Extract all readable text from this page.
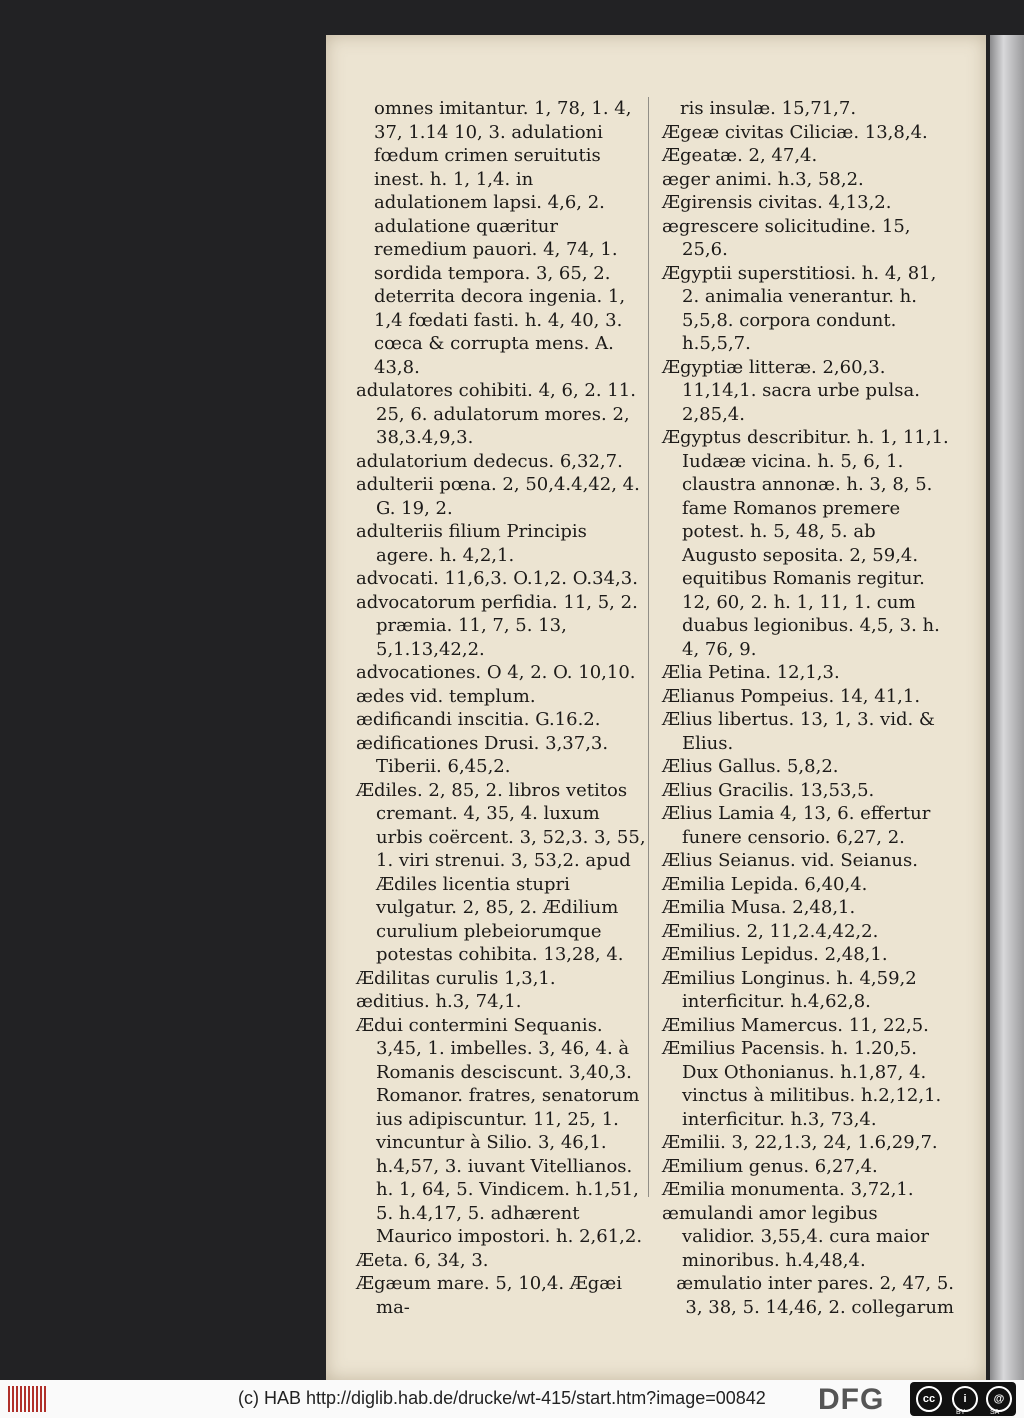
omnes imitantur. 1, 78, 1. 4, 37, 1.14 10, 3. adulationi fœdum crimen seruitutis inest. h. 1, 1,4. in adulationem lapsi. 4,6, 2. adulatione quæritur remedium pauori. 4, 74, 1. sordida tempora. 3, 65, 2. deterrita decora ingenia. 1, 1,4 fœdati fasti. h. 4, 40, 3. cœca & corrupta mens. A. 43,8.

adulatores cohibiti. 4, 6, 2. 11. 25, 6. adulatorum mores. 2, 38,3.4,9,3.

adulatorium dedecus. 6,32,7.

adulterii pœna. 2, 50,4.4,42, 4. G. 19, 2.

adulteriis filium Principis agere. h. 4,2,1.

advocati. 11,6,3. O.1,2. O.34,3.

advocatorum perfidia. 11, 5, 2. præmia. 11, 7, 5. 13, 5,1.13,42,2.

advocationes. O 4, 2. O. 10,10.

ædes vid. templum.

ædificandi inscitia. G.16.2.

ædificationes Drusi. 3,37,3. Tiberii. 6,45,2.

Ædiles. 2, 85, 2. libros vetitos cremant. 4, 35, 4. luxum urbis coërcent. 3, 52,3. 3, 55, 1. viri strenui. 3, 53,2. apud Ædiles licentia stupri vulgatur. 2, 85, 2. Ædilium curulium plebeiorumque potestas cohibita. 13,28, 4.

Ædilitas curulis 1,3,1.

æditius. h.3, 74,1.

Ædui contermini Sequanis. 3,45, 1. imbelles. 3, 46, 4. à Romanis desciscunt. 3,40,3. Romanor. fratres, senatorum ius adipiscuntur. 11, 25, 1. vincuntur à Silio. 3, 46,1. h.4,57, 3. iuvant Vitellianos. h. 1, 64, 5. Vindicem. h.1,51, 5. h.4,17, 5. adhærent Maurico impostori. h. 2,61,2.

Æeta. 6, 34, 3.

Ægæum mare. 5, 10,4. Ægæi ma-

ris insulæ. 15,71,7.

Ægeæ civitas Ciliciæ. 13,8,4.

Ægeatæ. 2, 47,4.

æger animi. h.3, 58,2.

Ægirensis civitas. 4,13,2.

ægrescere solicitudine. 15, 25,6.

Ægyptii superstitiosi. h. 4, 81, 2. animalia venerantur. h. 5,5,8. corpora condunt. h.5,5,7.

Ægyptiæ litteræ. 2,60,3. 11,14,1. sacra urbe pulsa. 2,85,4.

Ægyptus describitur. h. 1, 11,1. Iudææ vicina. h. 5, 6, 1. claustra annonæ. h. 3, 8, 5. fame Romanos premere potest. h. 5, 48, 5. ab Augusto seposita. 2, 59,4. equitibus Romanis regitur. 12, 60, 2. h. 1, 11, 1. cum duabus legionibus. 4,5, 3. h. 4, 76, 9.

Ælia Petina. 12,1,3.

Ælianus Pompeius. 14, 41,1.

Ælius libertus. 13, 1, 3. vid. & Elius.

Ælius Gallus. 5,8,2.

Ælius Gracilis. 13,53,5.

Ælius Lamia 4, 13, 6. effertur funere censorio. 6,27, 2.

Ælius Seianus. vid. Seianus.

Æmilia Lepida. 6,40,4.

Æmilia Musa. 2,48,1.

Æmilius. 2, 11,2.4,42,2.

Æmilius Lepidus. 2,48,1.

Æmilius Longinus. h. 4,59,2 interficitur. h.4,62,8.

Æmilius Mamercus. 11, 22,5.

Æmilius Pacensis. h. 1.20,5. Dux Othonianus. h.1,87, 4. vinctus à militibus. h.2,12,1. interficitur. h.3, 73,4.

Æmilii. 3, 22,1.3, 24, 1.6,29,7.

Æmilium genus. 6,27,4.

Æmilia monumenta. 3,72,1.

æmulandi amor legibus validior. 3,55,4. cura maior minoribus. h.4,48,4.

æmulatio inter pares. 2, 47, 5. 3, 38, 5. 14,46, 2. collegarum

(c) HAB http://diglib.hab.de/drucke/wt-415/start.htm?image=00842 DFG	cc	i	@
BY	SA
